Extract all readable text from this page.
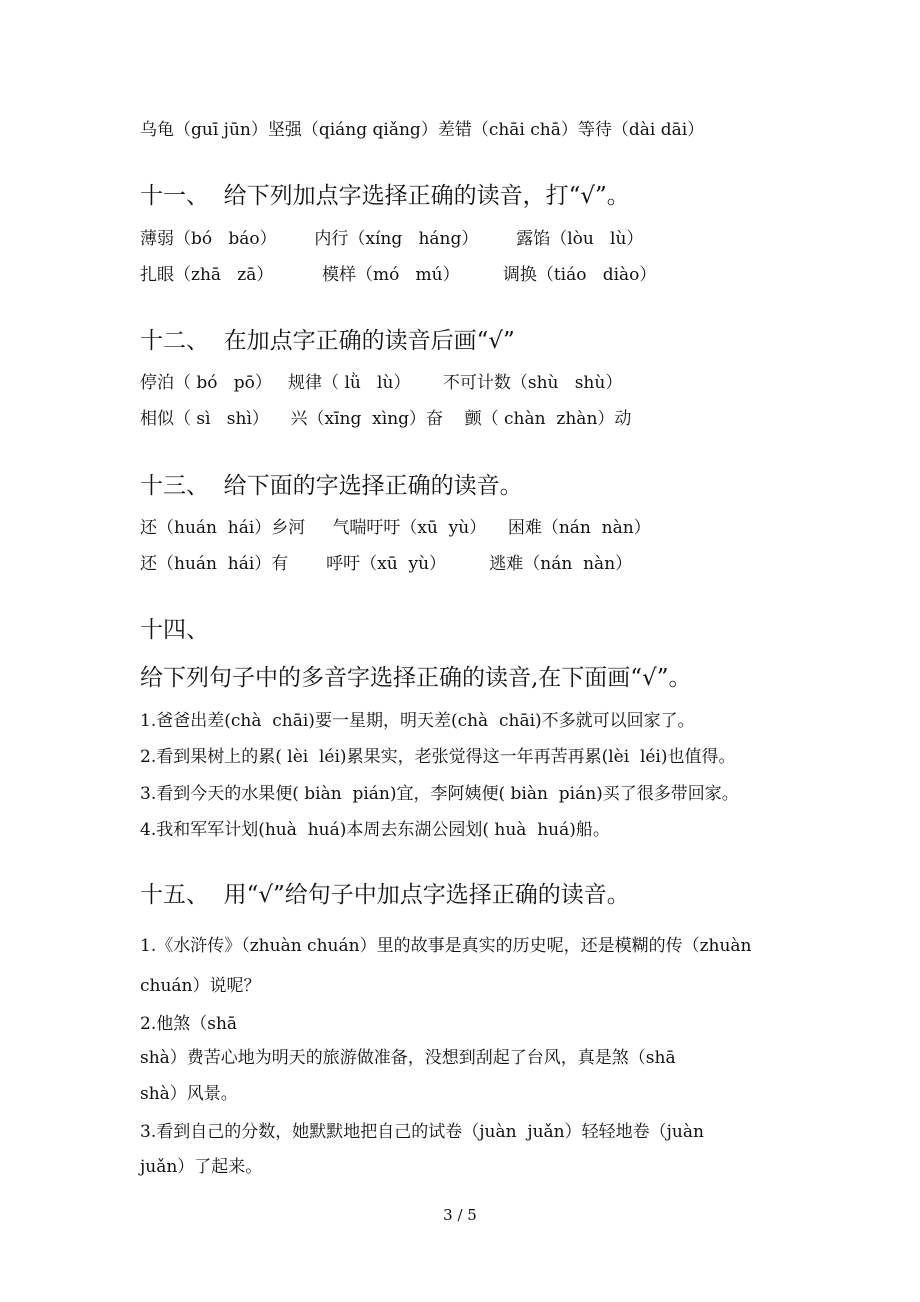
乌龟（guī jūn）坚强（qiáng qiǎng）差错（chāi chā）等待（dài dāi）
十一、  给下列加点字选择正确的读音，打“√”。
薄弱（bó   báo）       内行（xíng   háng）       露馅（lòu   lù）
扎眼（zhā   zā）         模样（mó   mú）        调换（tiáo   diào）
十二、  在加点字正确的读音后画“√”
停泊（ bó   pō）   规律（ lǜ   lù）      不可计数（shù   shù）
相似（ sì   shì）    兴（xīng  xìng）奋    颤（ chàn  zhàn）动
十三、  给下面的字选择正确的读音。
还（huán  hái）乡河     气喘吁吁（xū  yù）    困难（nán  nàn）
还（huán  hái）有       呼吁（xū  yù）        逃难（nán  nàn）
十四、
给下列句子中的多音字选择正确的读音,在下面画“√”。
1.爸爸出差(chà  chāi)要一星期，明天差(chà  chāi)不多就可以回家了。
2.看到果树上的累( lèi  léi)累果实，老张觉得这一年再苦再累(lèi  léi)也值得。
3.看到今天的水果便( biàn  pián)宜，李阿姨便( biàn  pián)买了很多带回家。
4.我和军军计划(huà  huá)本周去东湖公园划( huà  huá)船。
十五、  用“√”给句子中加点字选择正确的读音。
1.《水浒传》（zhuàn chuán）里的故事是真实的历史呢，还是模糊的传（zhuàn
chuán）说呢？
2.他煞（shā
shà）费苦心地为明天的旅游做准备，没想到刮起了台风，真是煞（shā
shà）风景。
3.看到自己的分数，她默默地把自己的试卷（juàn  juǎn）轻轻地卷（juàn
juǎn）了起来。
3 / 5
